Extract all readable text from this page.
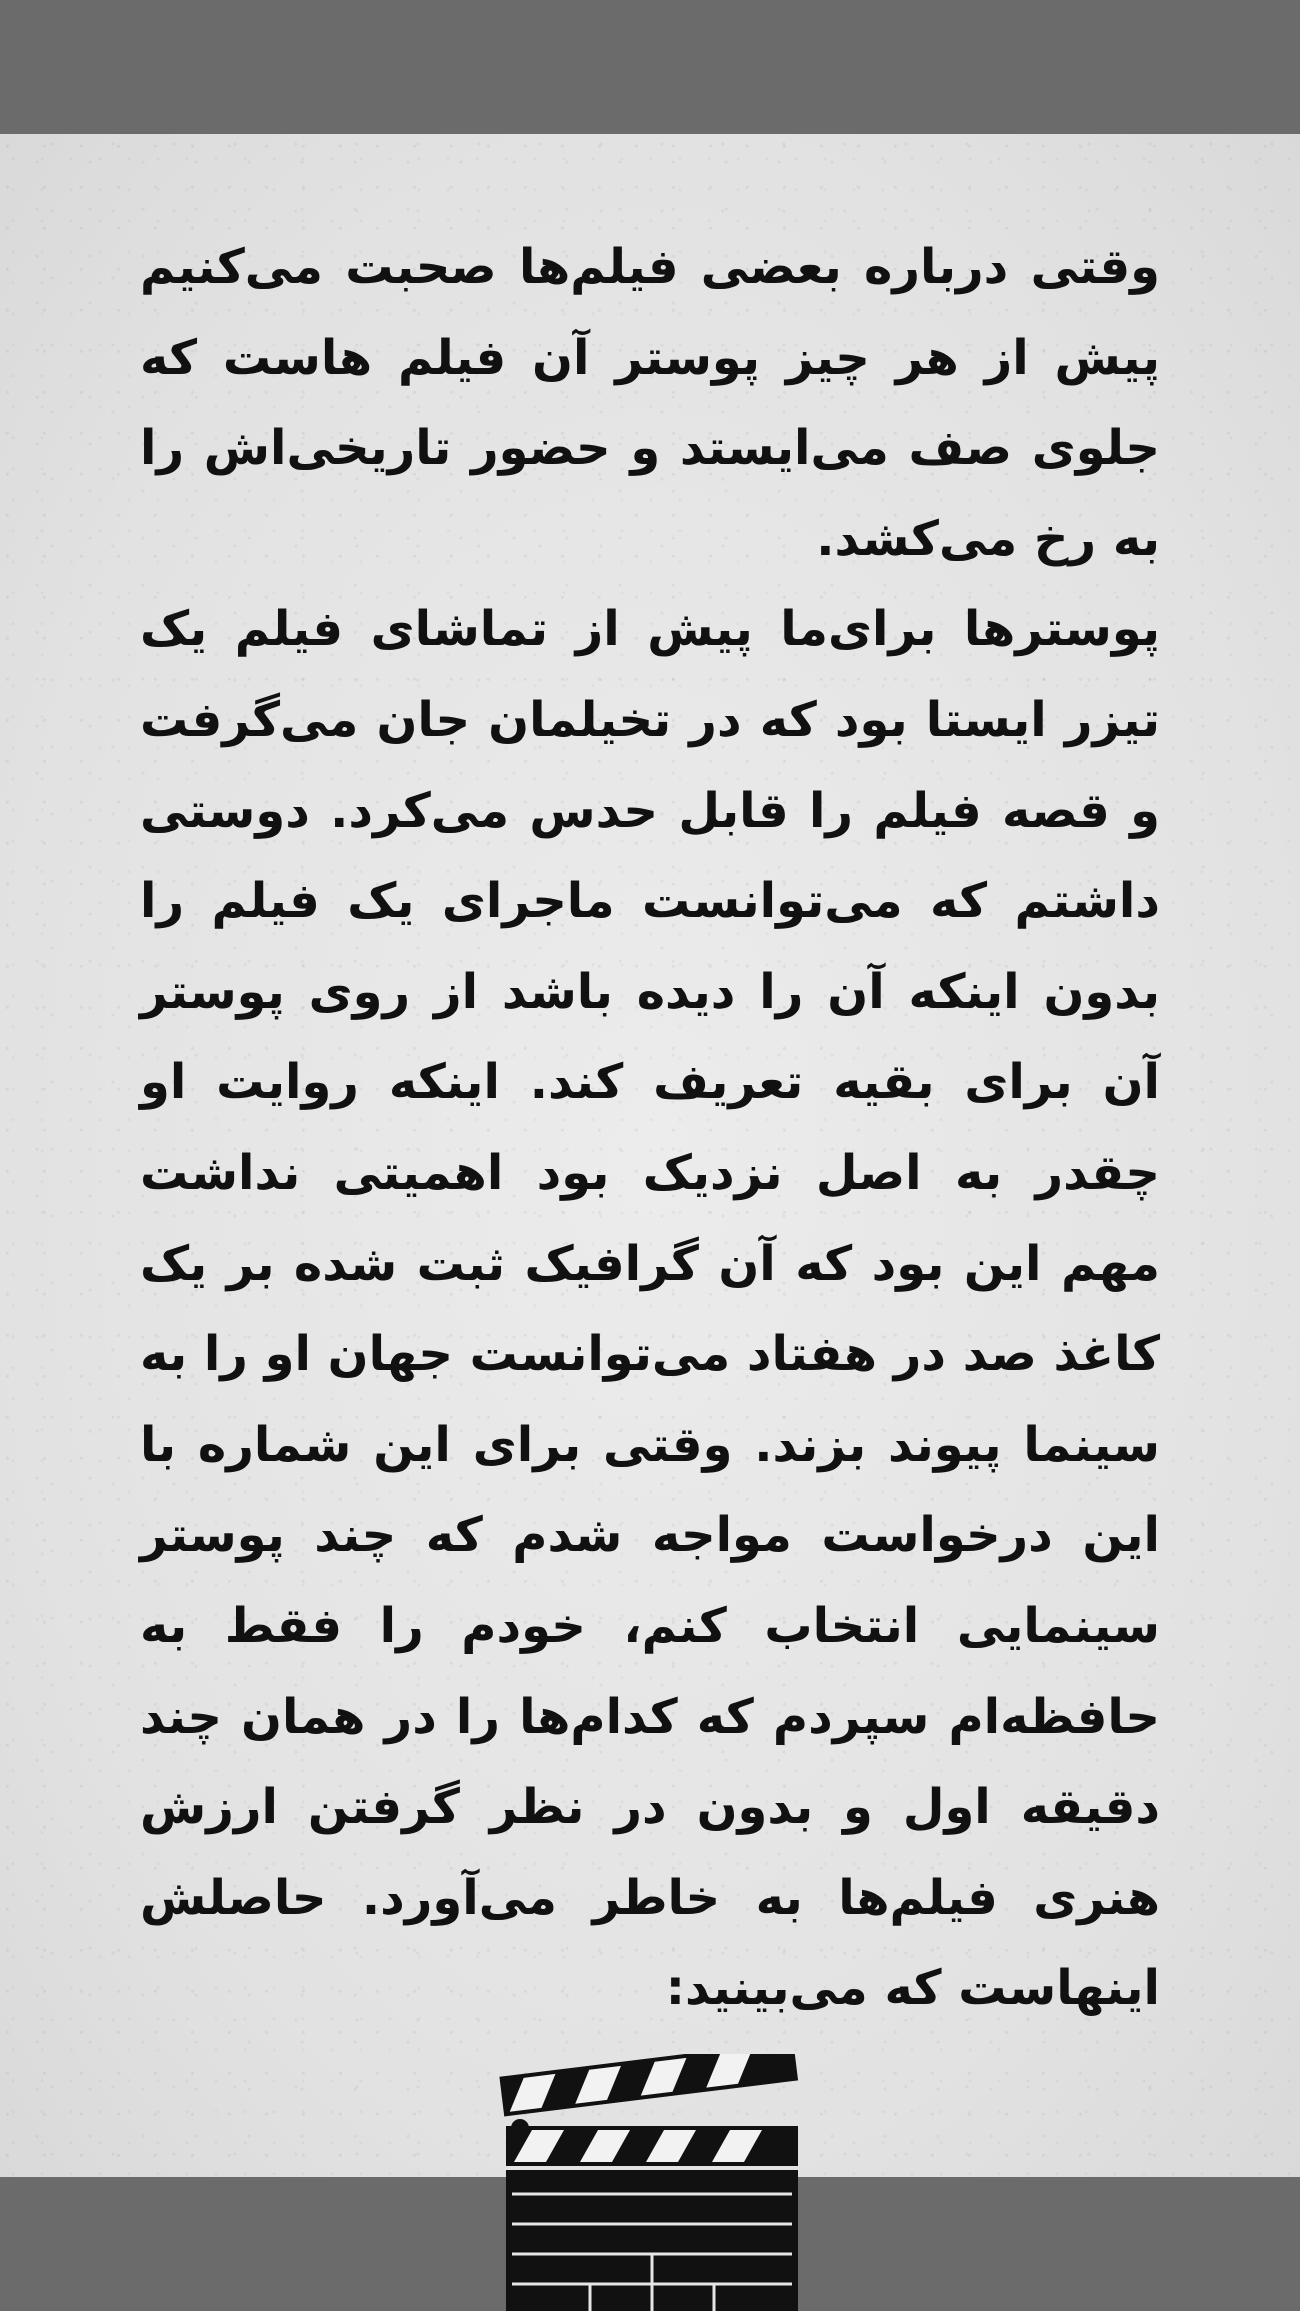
وقتی درباره بعضی فیلم‌ها صحبت می‌کنیم پیش از هر چیز پوستر آن فیلم هاست که جلوی صف می‌ایستد و حضور تاریخی‌اش را به رخ می‌کشد.
پوسترها برای‌ما پیش از تماشای فیلم یک تیزر ایستا بود که در تخیلمان جان می‌گرفت و قصه فیلم را قابل حدس می‌کرد. دوستی داشتم که می‌توانست ماجرای یک فیلم را بدون اینکه آن را دیده باشد از روی پوستر آن برای بقیه تعریف کند. اینکه روایت او چقدر به اصل نزدیک بود اهمیتی نداشت مهم این بود که آن گرافیک ثبت شده بر یک کاغذ صد در هفتاد می‌توانست جهان او را به سینما پیوند بزند. وقتی برای این شماره با این درخواست مواجه شدم که چند پوستر سینمایی انتخاب کنم، خودم را فقط به حافظه‌ام سپردم که کدام‌ها را در همان چند دقیقه اول و بدون در نظر گرفتن ارزش هنری فیلم‌ها به خاطر می‌آورد. حاصلش اینهاست که می‌بینید:
